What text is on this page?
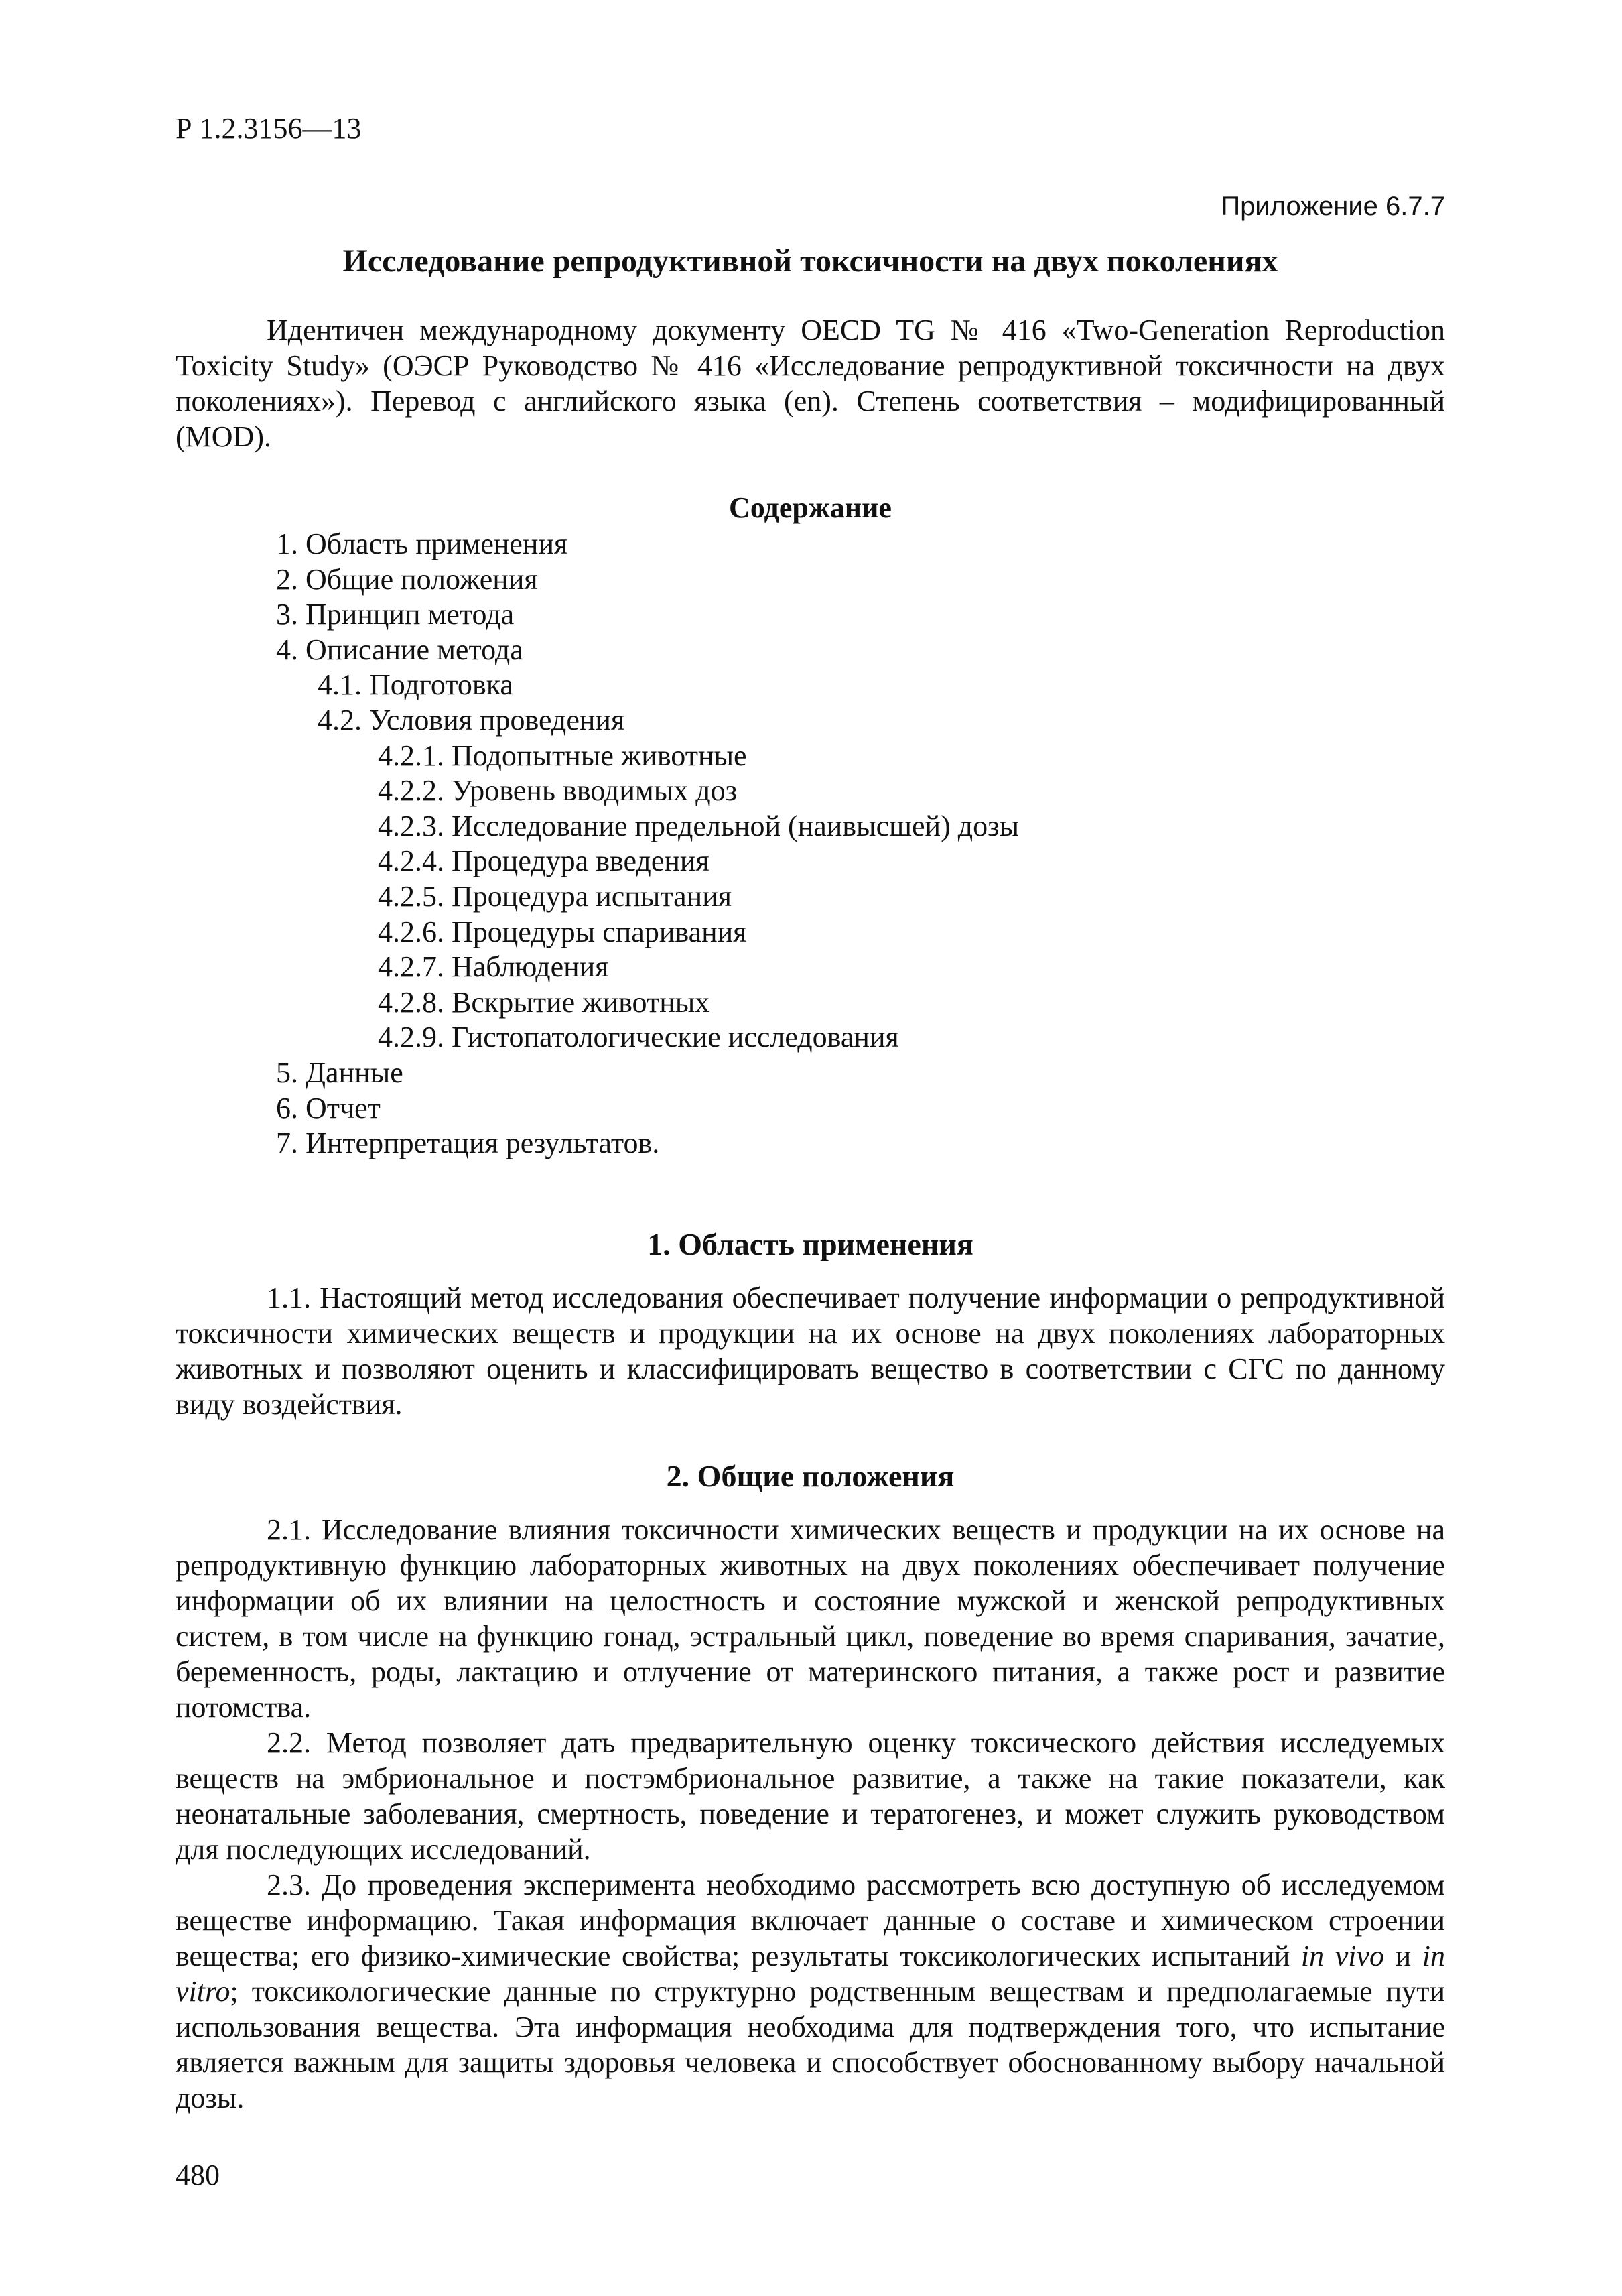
Р 1.2.3156—13
Приложение 6.7.7
Исследование репродуктивной токсичности на двух поколениях

Идентичен международному документу OECD TG № 416 «Two-Generation Reproduction Toxicity Study» (ОЭСР Руководство № 416 «Исследование репродуктивной токсичности на двух поколениях»). Перевод с английского языка (en). Степень соответствия – модифицированный (MOD).

Содержание
1. Область применения
2. Общие положения
3. Принцип метода
4. Описание метода
4.1. Подготовка
4.2. Условия проведения
4.2.1. Подопытные животные
4.2.2. Уровень вводимых доз
4.2.3. Исследование предельной (наивысшей) дозы
4.2.4. Процедура введения
4.2.5. Процедура испытания
4.2.6. Процедуры спаривания
4.2.7. Наблюдения
4.2.8. Вскрытие животных
4.2.9. Гистопатологические исследования
5. Данные
6. Отчет
7. Интерпретация результатов.
1. Область применения

1.1. Настоящий метод исследования обеспечивает получение информации о репродуктивной токсичности химических веществ и продукции на их основе на двух поколениях лабораторных животных и позволяют оценить и классифицировать вещество в соответствии с СГС по данному виду воздействия.

2. Общие положения

2.1. Исследование влияния токсичности химических веществ и продукции на их основе на репродуктивную функцию лабораторных животных на двух поколениях обеспечивает получение информации об их влиянии на целостность и состояние мужской и женской репродуктивных систем, в том числе на функцию гонад, эстральный цикл, поведение во время спаривания, зачатие, беременность, роды, лактацию и отлучение от материнского питания, а также рост и развитие потомства.

2.2. Метод позволяет дать предварительную оценку токсического действия исследуемых веществ на эмбриональное и постэмбриональное развитие, а также на такие показатели, как неонатальные заболевания, смертность, поведение и тератогенез, и может служить руководством для последующих исследований.

2.3. До проведения эксперимента необходимо рассмотреть всю доступную об исследуемом веществе информацию. Такая информация включает данные о составе и химическом строении вещества; его физико-химические свойства; результаты токсикологических испытаний in vivo и in vitro; токсикологические данные по структурно родственным веществам и предполагаемые пути использования вещества. Эта информация необходима для подтверждения того, что испытание является важным для защиты здоровья человека и способствует обоснованному выбору начальной дозы.

480
